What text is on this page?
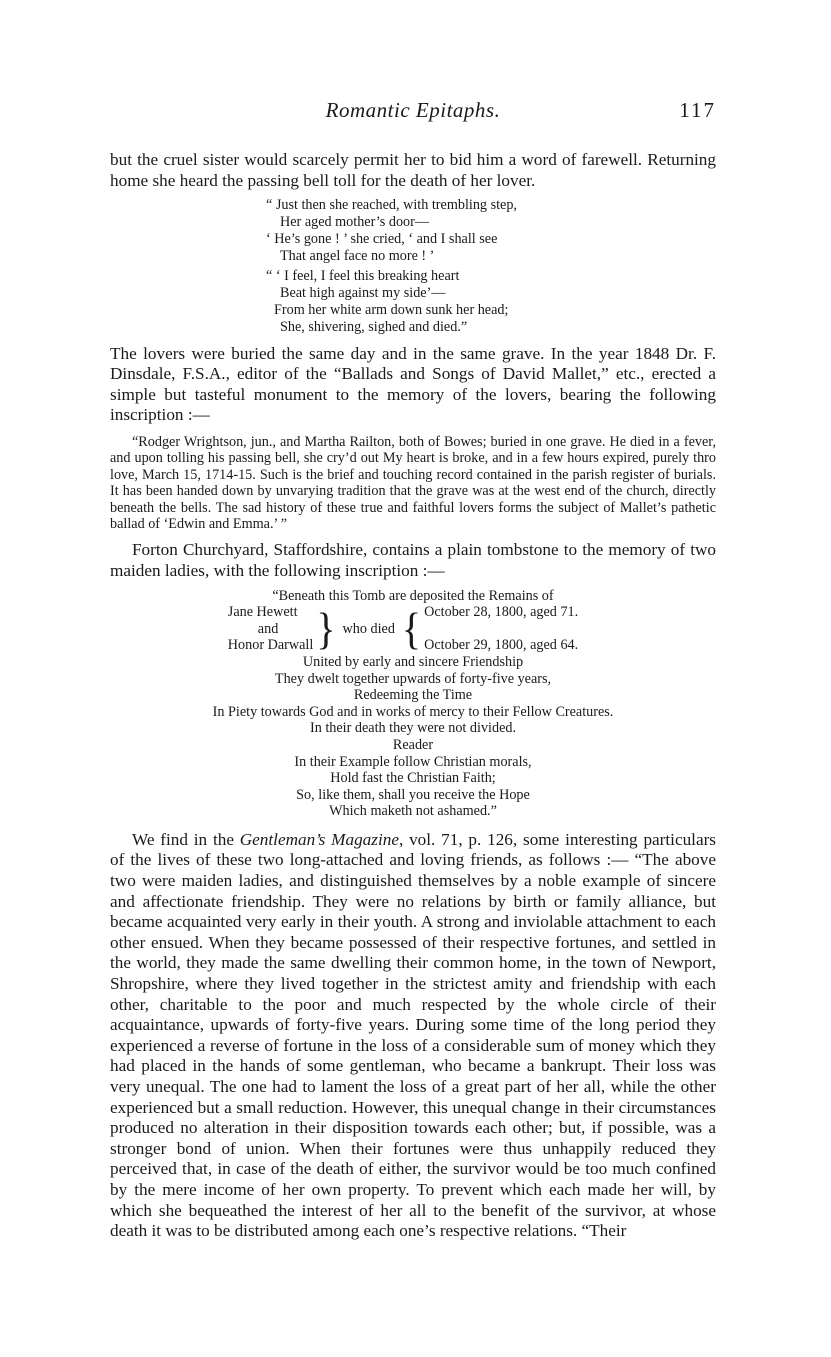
Romantic Epitaphs.	117

but the cruel sister would scarcely permit her to bid him a word of farewell. Returning home she heard the passing bell toll for the death of her lover.

“ Just then she reached, with trembling step,
Her aged mother’s door—
‘ He’s gone ! ’ she cried, ‘ and I shall see
That angel face no more ! ’
“ ‘ I feel, I feel this breaking heart
Beat high against my side’—
From her white arm down sunk her head;
She, shivering, sighed and died.”

The lovers were buried the same day and in the same grave. In the year 1848 Dr. F. Dinsdale, F.S.A., editor of the “Ballads and Songs of David Mallet,” etc., erected a simple but tasteful monument to the memory of the lovers, bearing the following inscription :—

“Rodger Wrightson, jun., and Martha Railton, both of Bowes; buried in one grave. He died in a fever, and upon tolling his passing bell, she cry’d out My heart is broke, and in a few hours expired, purely thro love, March 15, 1714-15. Such is the brief and touching record contained in the parish register of burials. It has been handed down by unvarying tradition that the grave was at the west end of the church, directly beneath the bells. The sad history of these true and faithful lovers forms the subject of Mallet’s pathetic ballad of ‘Edwin and Emma.’ ”

Forton Churchyard, Staffordshire, contains a plain tombstone to the memory of two maiden ladies, with the following inscription :—

“Beneath this Tomb are deposited the Remains of
Jane Hewett
and
Honor Darwall } who died { October 28, 1800, aged 71.

October 29, 1800, aged 64.
United by early and sincere Friendship
They dwelt together upwards of forty-five years,
Redeeming the Time
In Piety towards God and in works of mercy to their Fellow Creatures.
In their death they were not divided.
Reader
In their Example follow Christian morals,
Hold fast the Christian Faith;
So, like them, shall you receive the Hope
Which maketh not ashamed.”

We find in the Gentleman’s Magazine, vol. 71, p. 126, some interesting particulars of the lives of these two long-attached and loving friends, as follows :— “The above two were maiden ladies, and distinguished themselves by a noble example of sincere and affectionate friendship. They were no relations by birth or family alliance, but became acquainted very early in their youth. A strong and inviolable attachment to each other ensued. When they became possessed of their respective fortunes, and settled in the world, they made the same dwelling their common home, in the town of Newport, Shropshire, where they lived together in the strictest amity and friendship with each other, charitable to the poor and much respected by the whole circle of their acquaintance, upwards of forty-five years. During some time of the long period they experienced a reverse of fortune in the loss of a considerable sum of money which they had placed in the hands of some gentleman, who became a bankrupt. Their loss was very unequal. The one had to lament the loss of a great part of her all, while the other experienced but a small reduction. However, this unequal change in their circumstances produced no alteration in their disposition towards each other; but, if possible, was a stronger bond of union. When their fortunes were thus unhappily reduced they perceived that, in case of the death of either, the survivor would be too much confined by the mere income of her own property. To prevent which each made her will, by which she bequeathed the interest of her all to the benefit of the survivor, at whose death it was to be distributed among each one’s respective relations. “Their
